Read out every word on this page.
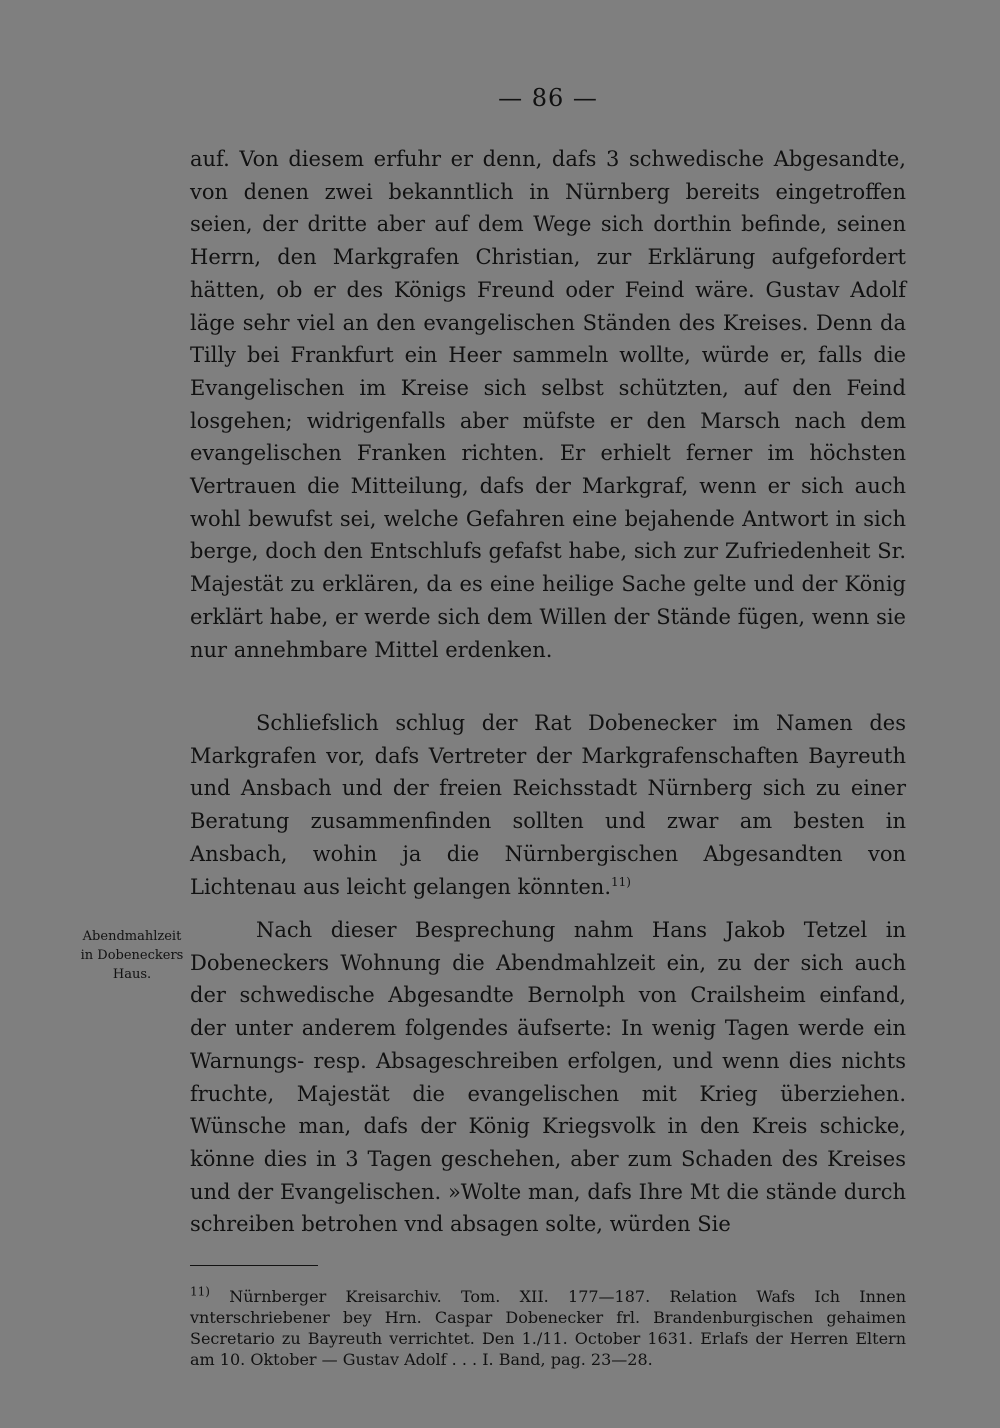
— 86 —
auf. Von diesem erfuhr er denn, dafs 3 schwedische Abgesandte, von denen zwei bekanntlich in Nürnberg bereits eingetroffen seien, der dritte aber auf dem Wege sich dorthin befinde, seinen Herrn, den Markgrafen Christian, zur Erklärung aufgefordert hätten, ob er des Königs Freund oder Feind wäre. Gustav Adolf läge sehr viel an den evangelischen Ständen des Kreises. Denn da Tilly bei Frankfurt ein Heer sammeln wollte, würde er, falls die Evangelischen im Kreise sich selbst schützten, auf den Feind losgehen; widrigenfalls aber müfste er den Marsch nach dem evangelischen Franken richten. Er erhielt ferner im höchsten Vertrauen die Mitteilung, dafs der Markgraf, wenn er sich auch wohl bewufst sei, welche Gefahren eine bejahende Antwort in sich berge, doch den Entschlufs gefafst habe, sich zur Zufriedenheit Sr. Majestät zu erklären, da es eine heilige Sache gelte und der König erklärt habe, er werde sich dem Willen der Stände fügen, wenn sie nur annehmbare Mittel erdenken.
Schliefslich schlug der Rat Dobenecker im Namen des Markgrafen vor, dafs Vertreter der Markgrafenschaften Bayreuth und Ansbach und der freien Reichsstadt Nürnberg sich zu einer Beratung zusammenfinden sollten und zwar am besten in Ansbach, wohin ja die Nürnbergischen Abgesandten von Lichtenau aus leicht gelangen könnten.$^{11)}$
Abendmahlzeit in Dobeneckers Haus.
Nach dieser Besprechung nahm Hans Jakob Tetzel in Dobeneckers Wohnung die Abendmahlzeit ein, zu der sich auch der schwedische Abgesandte Bernolph von Crailsheim einfand, der unter anderem folgendes äufserte: In wenig Tagen werde ein Warnungs- resp. Absageschreiben erfolgen, und wenn dies nichts fruchte, Majestät die evangelischen mit Krieg überziehen. Wünsche man, dafs der König Kriegsvolk in den Kreis schicke, könne dies in 3 Tagen geschehen, aber zum Schaden des Kreises und der Evangelischen. »Wolte man, dafs Ihre Mt die stände durch schreiben betrohen vnd absagen solte, würden Sie
$^{11)}$ Nürnberger Kreisarchiv. Tom. XII. 177—187. Relation Wafs Ich Innen vnterschriebener bey Hrn. Caspar Dobenecker frl. Brandenburgischen gehaimen Secretario zu Bayreuth verrichtet. Den 1./11. October 1631. Erlafs der Herren Eltern am 10. Oktober — Gustav Adolf . . . I. Band, pag. 23—28.
